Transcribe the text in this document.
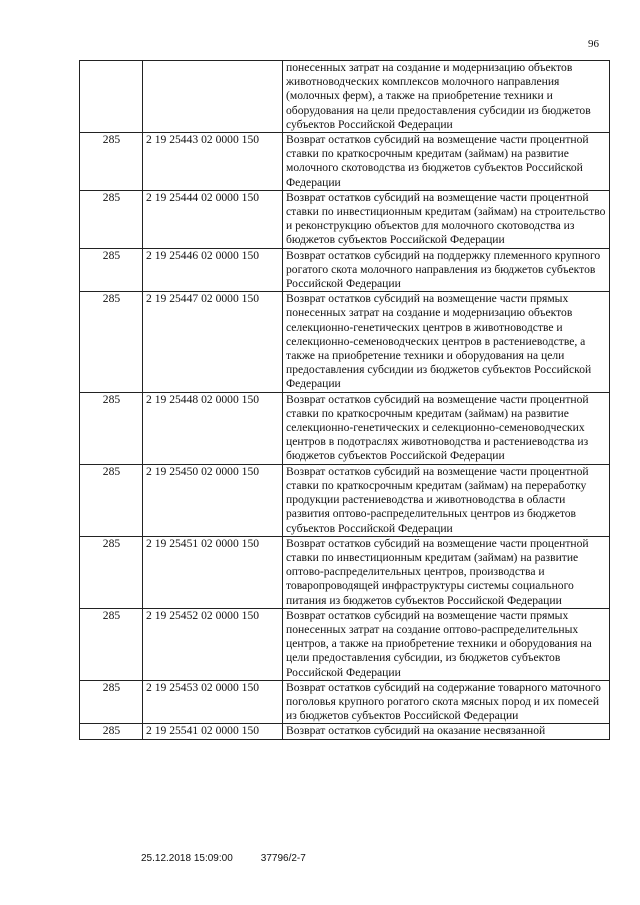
96

		понесенных затрат на создание и модернизацию объектов животноводческих комплексов молочного направления (молочных ферм), а также на приобретение техники и оборудования на цели предоставления субсидии из бюджетов субъектов Российской Федерации

285	2 19 25443 02 0000 150	Возврат остатков субсидий на возмещение части процентной ставки по краткосрочным кредитам (займам) на развитие молочного скотоводства из бюджетов субъектов Российской Федерации

285	2 19 25444 02 0000 150	Возврат остатков субсидий на возмещение части процентной ставки по инвестиционным кредитам (займам) на строительство и реконструкцию объектов для молочного скотоводства из бюджетов субъектов Российской Федерации

285	2 19 25446 02 0000 150	Возврат остатков субсидий на поддержку племенного крупного рогатого скота молочного направления из бюджетов субъектов Российской Федерации

285	2 19 25447 02 0000 150	Возврат остатков субсидий на возмещение части прямых понесенных затрат на создание и модернизацию объектов селекционно-генетических центров в животноводстве и селекционно-семеноводческих центров в растениеводстве, а также на приобретение техники и оборудования на цели предоставления субсидии из бюджетов субъектов Российской Федерации

285	2 19 25448 02 0000 150	Возврат остатков субсидий на возмещение части процентной ставки по краткосрочным кредитам (займам) на развитие селекционно-генетических и селекционно-семеноводческих центров в подотраслях животноводства и растениеводства из бюджетов субъектов Российской Федерации

285	2 19 25450 02 0000 150	Возврат остатков субсидий на возмещение части процентной ставки по краткосрочным кредитам (займам) на переработку продукции растениеводства и животноводства в области развития оптово-распределительных центров из бюджетов субъектов Российской Федерации

285	2 19 25451 02 0000 150	Возврат остатков субсидий на возмещение части процентной ставки по инвестиционным кредитам (займам) на развитие оптово-распределительных центров, производства и товаропроводящей инфраструктуры системы социального питания из бюджетов субъектов Российской Федерации

285	2 19 25452 02 0000 150	Возврат остатков субсидий на возмещение части прямых понесенных затрат на создание оптово-распределительных центров, а также на приобретение техники и оборудования на цели предоставления субсидии, из бюджетов субъектов Российской Федерации

285	2 19 25453 02 0000 150	Возврат остатков субсидий на содержание товарного маточного поголовья крупного рогатого скота мясных пород и их помесей из бюджетов субъектов Российской Федерации

285	2 19 25541 02 0000 150	Возврат остатков субсидий на оказание несвязанной
25.12.2018 15:09:00	37796/2-7
